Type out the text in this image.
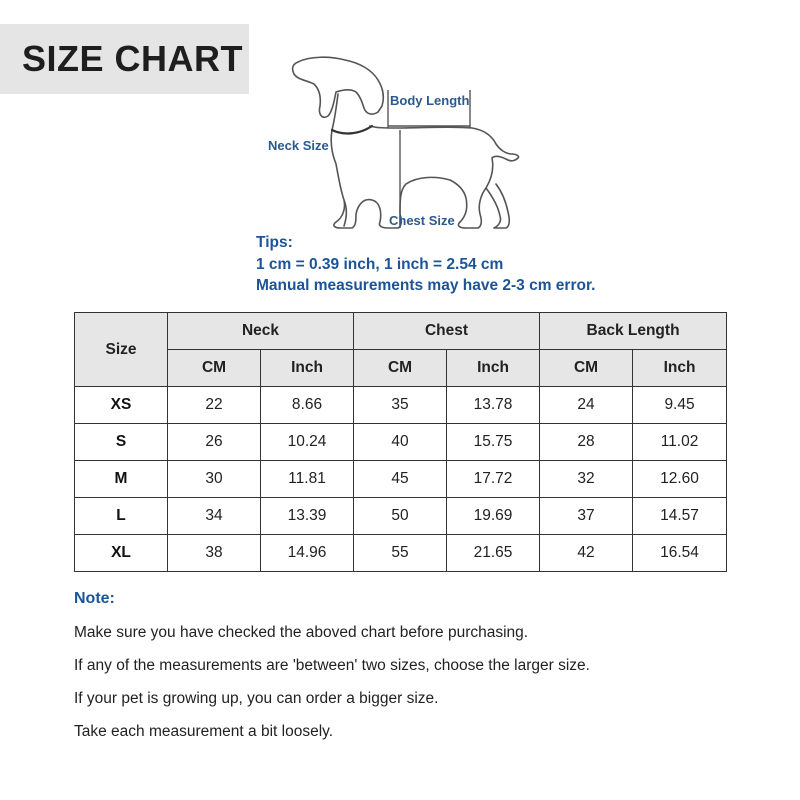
SIZE CHART
Body Length
Neck Size
Chest Size
Tips:
1 cm = 0.39 inch, 1 inch = 2.54 cm
Manual measurements may have 2-3 cm error.
Size	Neck		Chest		Back Length	
	CM	Inch	CM	Inch	CM	Inch
XS	22	8.66	35	13.78	24	9.45
S	26	10.24	40	15.75	28	11.02
M	30	11.81	45	17.72	32	12.60
L	34	13.39	50	19.69	37	14.57
XL	38	14.96	55	21.65	42	16.54
Note:
Make sure you have checked the aboved chart before purchasing.
If any of the measurements are 'between' two sizes, choose the larger size.
If your pet is growing up, you can order a bigger size.
Take each measurement a bit loosely.
